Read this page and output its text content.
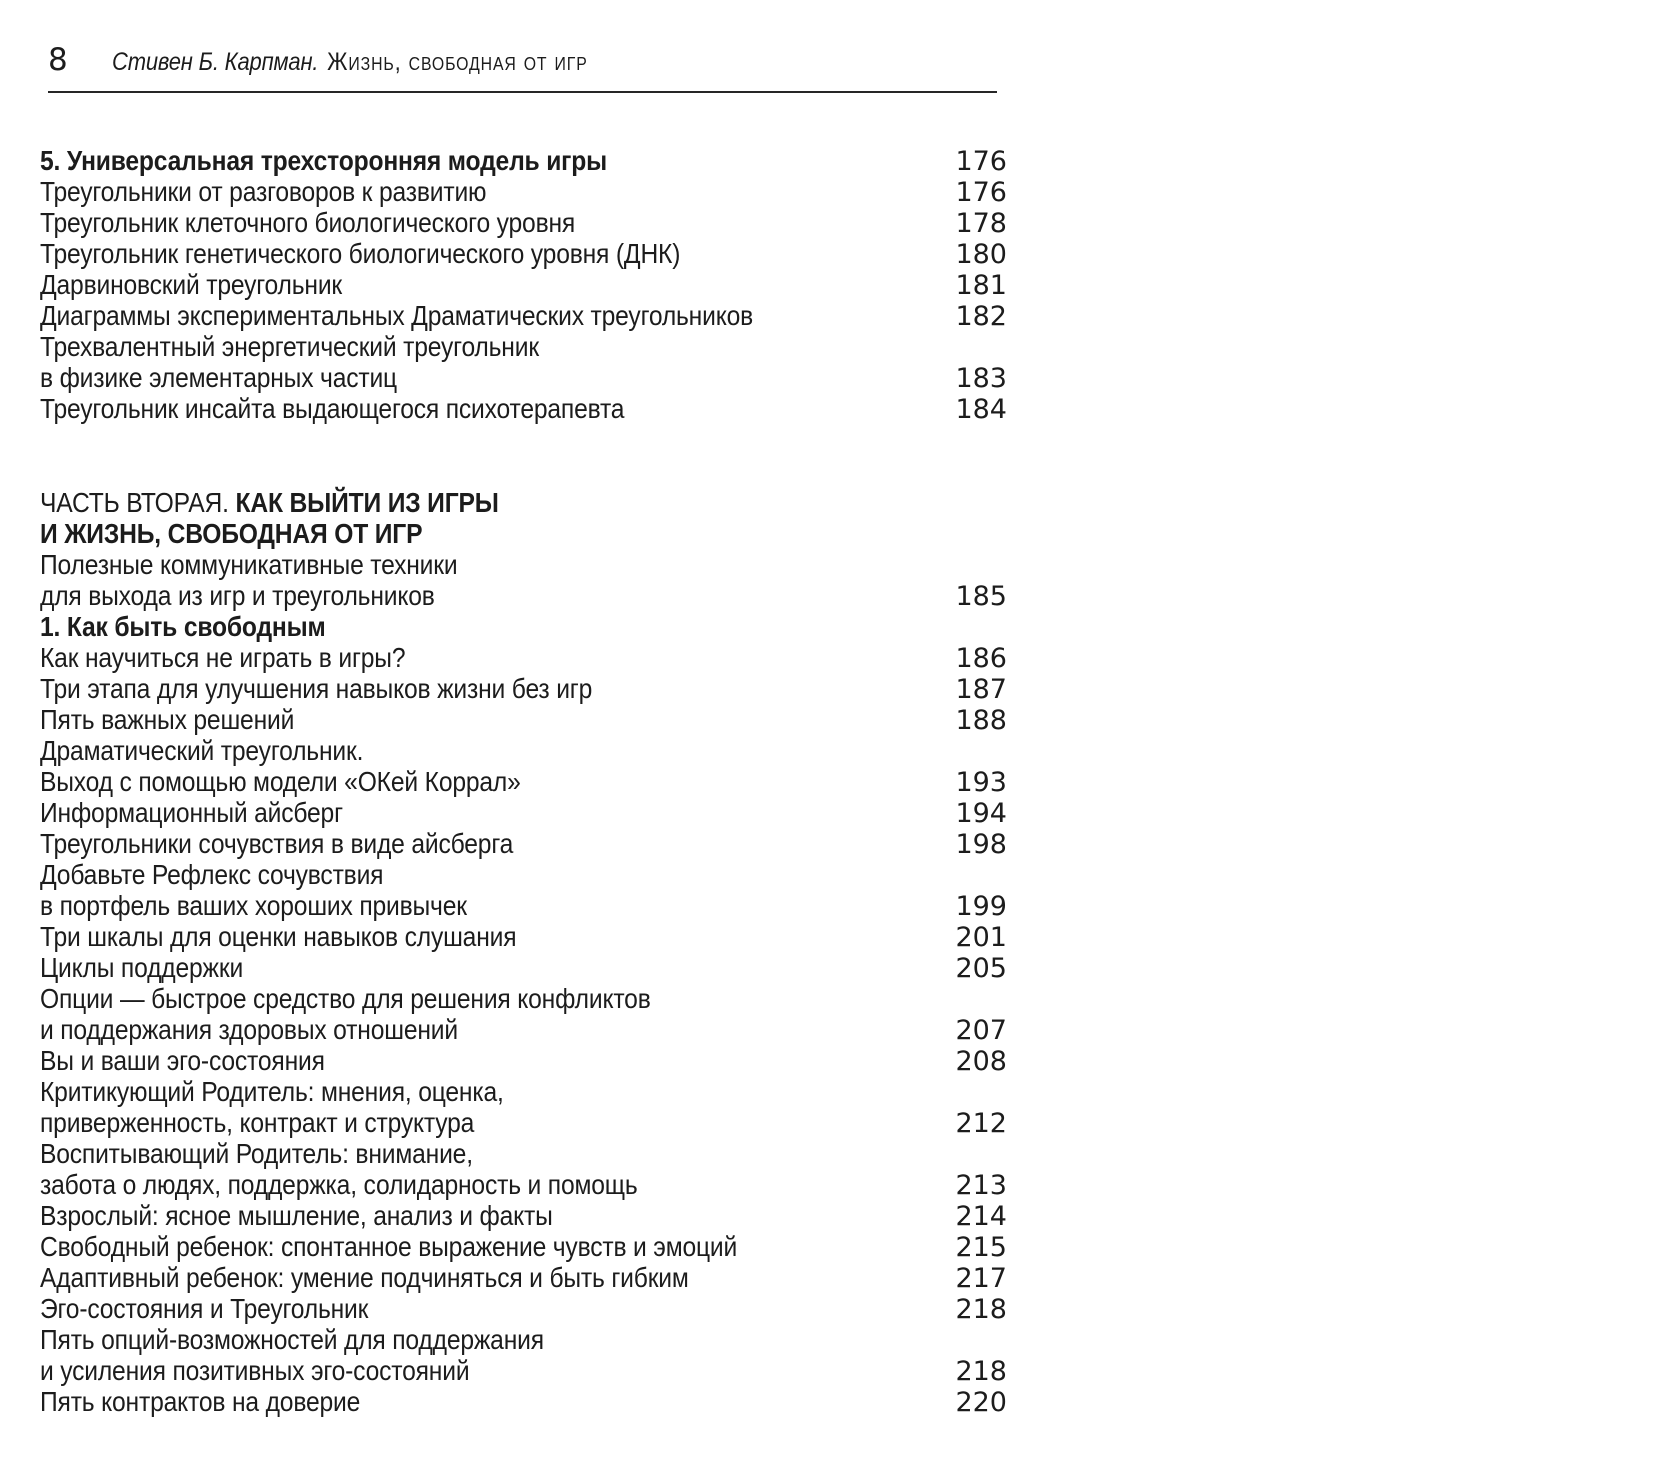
8 Стивен Б. Карпман. Жизнь, свободная от игр
5. Универсальная трехсторонняя модель игры	176
Треугольники от разговоров к развитию	176
Треугольник клеточного биологического уровня	178
Треугольник генетического биологического уровня (ДНК)	180
Дарвиновский треугольник	181
Диаграммы экспериментальных Драматических треугольников	182
Трехвалентный энергетический треугольник
в физике элементарных частиц	183
Треугольник инсайта выдающегося психотерапевта	184
ЧАСТЬ ВТОРАЯ. КАК ВЫЙТИ ИЗ ИГРЫ
И ЖИЗНЬ, СВОБОДНАЯ ОТ ИГР
Полезные коммуникативные техники
для выхода из игр и треугольников	185
1. Как быть свободным
Как научиться не играть в игры?	186
Три этапа для улучшения навыков жизни без игр	187
Пять важных решений	188
Драматический треугольник.
Выход с помощью модели «ОКей Коррал»	193
Информационный айсберг	194
Треугольники сочувствия в виде айсберга	198
Добавьте Рефлекс сочувствия
в портфель ваших хороших привычек	199
Три шкалы для оценки навыков слушания	201
Циклы поддержки	205
Опции — быстрое средство для решения конфликтов
и поддержания здоровых отношений	207
Вы и ваши эго-состояния	208
Критикующий Родитель: мнения, оценка,
приверженность, контракт и структура	212
Воспитывающий Родитель: внимание,
забота о людях, поддержка, солидарность и помощь	213
Взрослый: ясное мышление, анализ и факты	214
Свободный ребенок: спонтанное выражение чувств и эмоций	215
Адаптивный ребенок: умение подчиняться и быть гибким	217
Эго-состояния и Треугольник	218
Пять опций-возможностей для поддержания
и усиления позитивных эго-состояний	218
Пять контрактов на доверие	220
